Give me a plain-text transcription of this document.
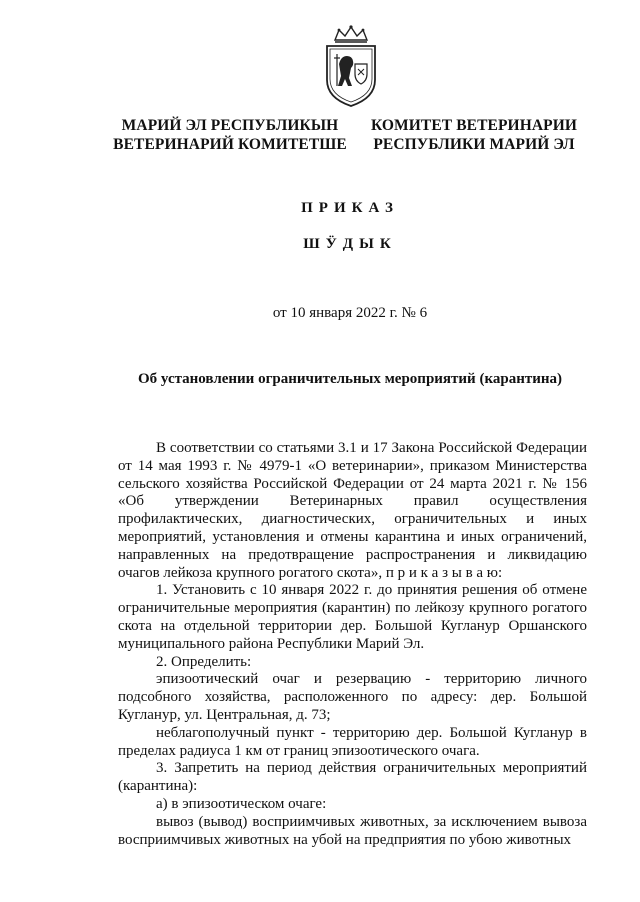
МАРИЙ ЭЛ РЕСПУБЛИКЫН
ВЕТЕРИНАРИЙ КОМИТЕТШЕ
КОМИТЕТ ВЕТЕРИНАРИИ
РЕСПУБЛИКИ МАРИЙ ЭЛ
ПРИКАЗ
ШӰДЫК
от 10 января 2022 г. № 6
Об установлении ограничительных мероприятий (карантина)

В соответствии со статьями 3.1 и 17 Закона Российской Федерации от 14 мая 1993 г. № 4979-1 «О ветеринарии», приказом Министерства сельского хозяйства Российской Федерации от 24 марта 2021 г. № 156 «Об утверждении Ветеринарных правил осуществления профилактических, диагностических, ограничительных и иных мероприятий, установления и отмены карантина и иных ограничений, направленных на предотвращение распространения и ликвидацию очагов лейкоза крупного рогатого скота», п р и к а з ы в а ю:

1. Установить с 10 января 2022 г. до принятия решения об отмене ограничительные мероприятия (карантин) по лейкозу крупного рогатого скота на отдельной территории дер. Большой Кугланур Оршанского муниципального района Республики Марий Эл.

2. Определить:

эпизоотический очаг и резервацию - территорию личного подсобного хозяйства, расположенного по адресу: дер. Большой Кугланур, ул. Центральная, д. 73;

неблагополучный пункт - территорию дер. Большой Кугланур в пределах радиуса 1 км от границ эпизоотического очага.

3. Запретить на период действия ограничительных мероприятий (карантина):

а) в эпизоотическом очаге:

вывоз (вывод) восприимчивых животных, за исключением вывоза восприимчивых животных на убой на предприятия по убою животных
